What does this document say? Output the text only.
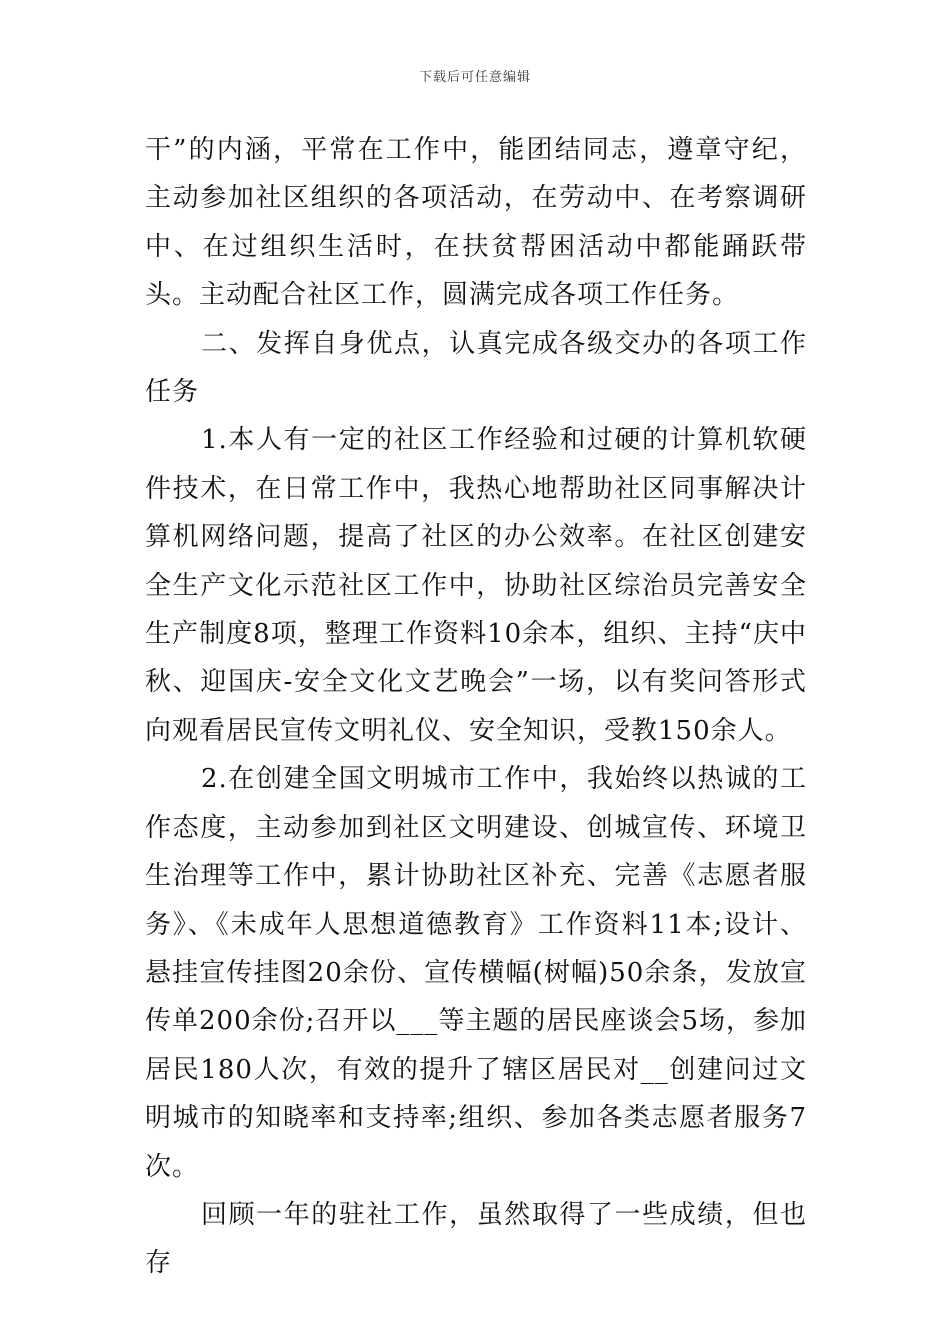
下载后可任意编辑

干”的内涵，平常在工作中，能团结同志，遵章守纪，主动参加社区组织的各项活动，在劳动中、在考察调研中、在过组织生活时，在扶贫帮困活动中都能踊跃带头。主动配合社区工作，圆满完成各项工作任务。

二、发挥自身优点，认真完成各级交办的各项工作任务

1.本人有一定的社区工作经验和过硬的计算机软硬件技术，在日常工作中，我热心地帮助社区同事解决计算机网络问题，提高了社区的办公效率。在社区创建安全生产文化示范社区工作中，协助社区综治员完善安全生产制度8项，整理工作资料10余本，组织、主持“庆中秋、迎国庆-安全文化文艺晚会”一场，以有奖问答形式向观看居民宣传文明礼仪、安全知识，受教150余人。

2.在创建全国文明城市工作中，我始终以热诚的工作态度，主动参加到社区文明建设、创城宣传、环境卫生治理等工作中，累计协助社区补充、完善《志愿者服务》、《未成年人思想道德教育》工作资料11本;设计、悬挂宣传挂图20余份、宣传横幅(树幅)50余条，发放宣传单200余份;召开以___等主题的居民座谈会5场，参加居民180人次，有效的提升了辖区居民对__创建问过文明城市的知晓率和支持率;组织、参加各类志愿者服务7次。

回顾一年的驻社工作，虽然取得了一些成绩，但也存
